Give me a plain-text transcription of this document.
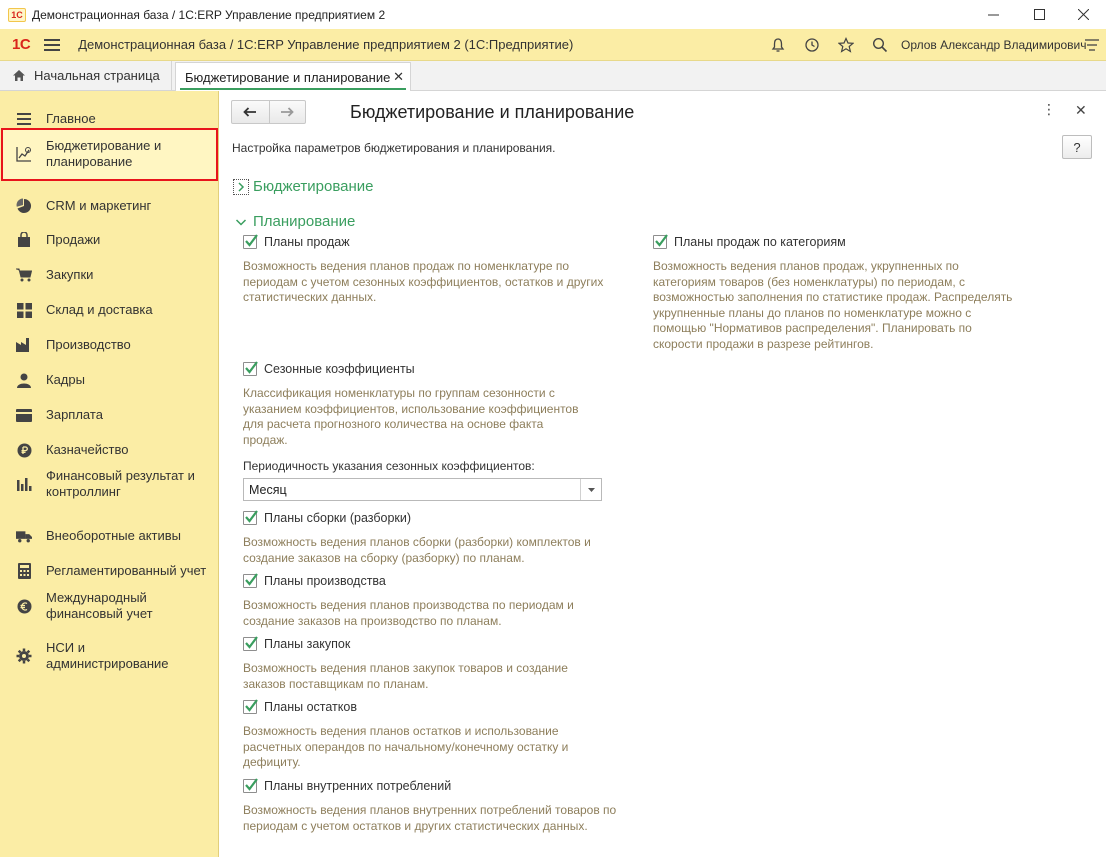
1С Демонстрационная база / 1С:ERP Управление предприятием 2
1С	Демонстрационная база / 1С:ERP Управление предприятием 2 (1С:Предприятие)	Орлов Александр Владимирович
Начальная страница Бюджетирование и планирование ✕
Главное
Бюджетирование и
планирование
CRM и маркетинг
Продажи
Закупки
Склад и доставка
Производство
Кадры
Зарплата
Казначейство
Финансовый результат и
контроллинг
Внеоборотные активы
Регламентированный учет
Международный
финансовый учет
НСИ и
администрирование
Бюджетирование и планирование	⋮ ✕
Настройка параметров бюджетирования и планирования.	?
Бюджетирование
Планирование
Планы продаж
Возможность ведения планов продаж по номенклатуре по
периодам с учетом сезонных коэффициентов, остатков и других
статистических данных.
Планы продаж по категориям
Возможность ведения планов продаж, укрупненных по
категориям товаров (без номенклатуры) по периодам, с
возможностью заполнения по статистике продаж. Распределять
укрупненные планы до планов по номенклатуре можно с
помощью "Нормативов распределения". Планировать по
скорости продажи в разрезе рейтингов.
Сезонные коэффициенты
Классификация номенклатуры по группам сезонности с
указанием коэффициентов, использование коэффициентов
для расчета прогнозного количества на основе факта
продаж.
Планы сборки (разборки)
Возможность ведения планов сборки (разборки) комплектов и
создание заказов на сборку (разборку) по планам.
Планы производства
Возможность ведения планов производства по периодам и
создание заказов на производство по планам.
Планы закупок
Возможность ведения планов закупок товаров и создание
заказов поставщикам по планам.
Планы остатков
Возможность ведения планов остатков и использование
расчетных операндов по начальному/конечному остатку и
дефициту.
Планы внутренних потреблений
Возможность ведения планов внутренних потреблений товаров по
периодам с учетом остатков и других статистических данных.
Периодичность указания сезонных коэффициентов:
Месяц
